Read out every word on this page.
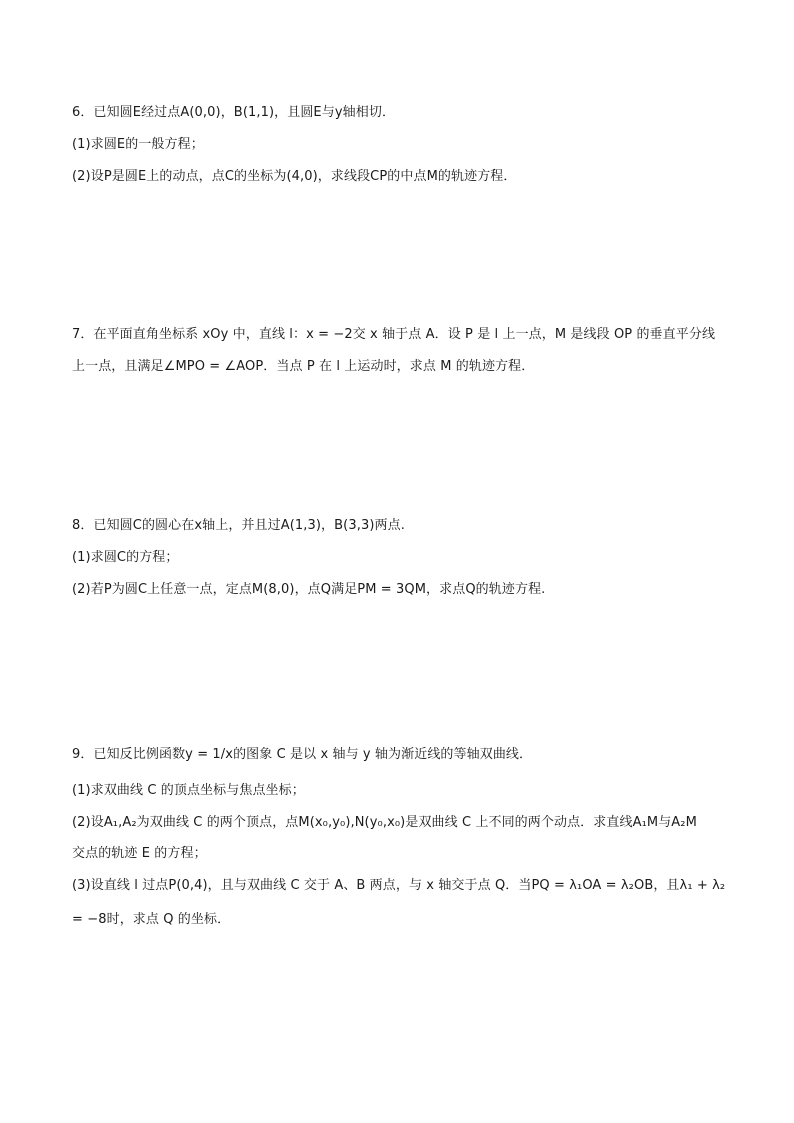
6．已知圆E经过点A(0,0)，B(1,1)，且圆E与y轴相切．
(1)求圆E的一般方程；
(2)设P是圆E上的动点，点C的坐标为(4,0)，求线段CP的中点M的轨迹方程．
7．在平面直角坐标系 xOy 中，直线 l：x = −2交 x 轴于点 A．设 P 是 l 上一点，M 是线段 OP 的垂直平分线
上一点，且满足∠MPO = ∠AOP．当点 P 在 l 上运动时，求点 M 的轨迹方程．
8．已知圆C的圆心在x轴上，并且过A(1,3)，B(3,3)两点.
(1)求圆C的方程；
(2)若P为圆C上任意一点，定点M(8,0)，点Q满足PM = 3QM，求点Q的轨迹方程.
9．已知反比例函数y = 1/x的图象 C 是以 x 轴与 y 轴为渐近线的等轴双曲线．
(1)求双曲线 C 的顶点坐标与焦点坐标；
(2)设A₁,A₂为双曲线 C 的两个顶点，点M(x₀,y₀),N(y₀,x₀)是双曲线 C 上不同的两个动点．求直线A₁M与A₂M
交点的轨迹 E 的方程；
(3)设直线 l 过点P(0,4)，且与双曲线 C 交于 A、B 两点，与 x 轴交于点 Q．当PQ = λ₁OA = λ₂OB，且λ₁ + λ₂
= −8时，求点 Q 的坐标．
